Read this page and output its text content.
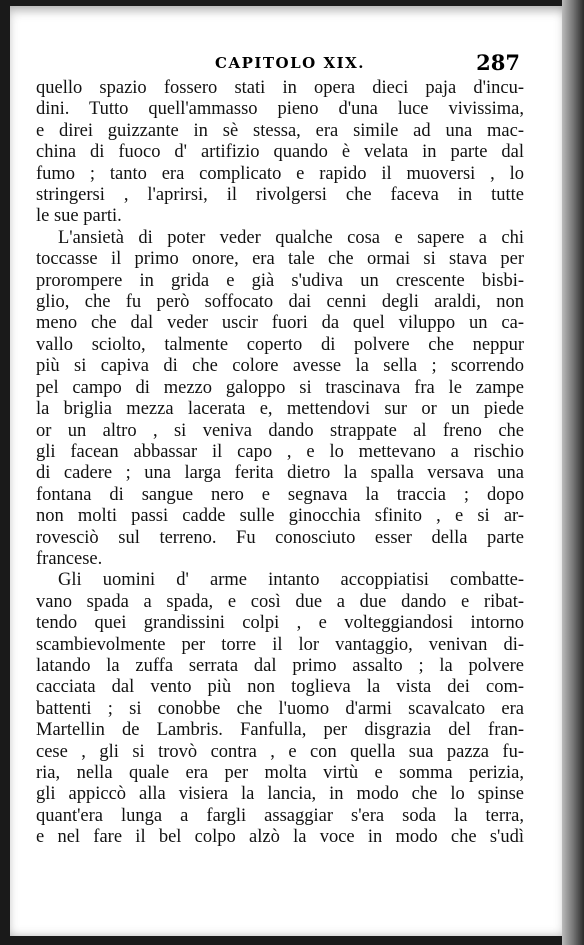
CAPITOLO XIX.	287

quello spazio fossero stati in opera dieci paja d'incu-
dini. Tutto quell'ammasso pieno d'una luce vivissima,
e direi guizzante in sè stessa, era simile ad una mac-
china di fuoco d' artifizio quando è velata in parte dal
fumo ; tanto era complicato e rapido il muoversi , lo
stringersi , l'aprirsi, il rivolgersi che faceva in tutte
le sue parti.

L'ansietà di poter veder qualche cosa e sapere a chi
toccasse il primo onore, era tale che ormai si stava per
prorompere in grida e già s'udiva un crescente bisbi-
glio, che fu però soffocato dai cenni degli araldi, non
meno che dal veder uscir fuori da quel viluppo un ca-
vallo sciolto, talmente coperto di polvere che neppur
più si capiva di che colore avesse la sella ; scorrendo
pel campo di mezzo galoppo si trascinava fra le zampe
la briglia mezza lacerata e, mettendovi sur or un piede
or un altro , si veniva dando strappate al freno che
gli facean abbassar il capo , e lo mettevano a rischio
di cadere ; una larga ferita dietro la spalla versava una
fontana di sangue nero e segnava la traccia ; dopo
non molti passi cadde sulle ginocchia sfinito , e si ar-
rovesciò sul terreno. Fu conosciuto esser della parte
francese.

Gli uomini d' arme intanto accoppiatisi combatte-
vano spada a spada, e così due a due dando e ribat-
tendo quei grandissini colpi , e volteggiandosi intorno
scambievolmente per torre il lor vantaggio, venivan di-
latando la zuffa serrata dal primo assalto ; la polvere
cacciata dal vento più non toglieva la vista dei com-
battenti ; si conobbe che l'uomo d'armi scavalcato era
Martellin de Lambris. Fanfulla, per disgrazia del fran-
cese , gli si trovò contra , e con quella sua pazza fu-
ria, nella quale era per molta virtù e somma perizia,
gli appiccò alla visiera la lancia, in modo che lo spinse
quant'era lunga a fargli assaggiar s'era soda la terra,
e nel fare il bel colpo alzò la voce in modo che s'udì
